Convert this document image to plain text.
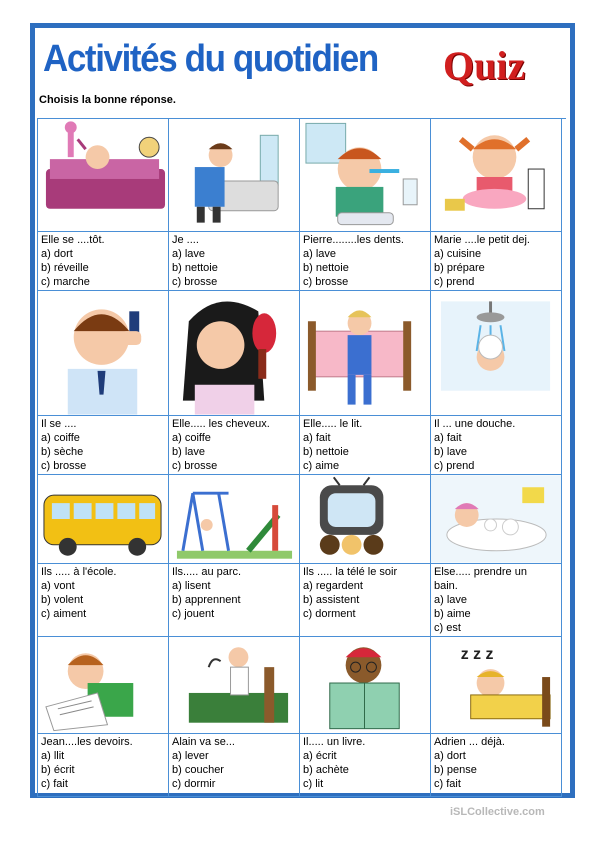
Activités du quotidien Quiz
Choisis la bonne réponse.
Elle se ....tôt.
a) dort
b) réveille
c) marche
Je ....
a) lave
b) nettoie
c) brosse
Pierre........les dents.
a) lave
b) nettoie
c) brosse
Marie ....le petit dej.
a) cuisine
b) prépare
c) prend
Il se ....
a) coiffe
b) sèche
c) brosse
Elle..... les cheveux.
a) coiffe
b) lave
c) brosse
Elle..... le lit.
a) fait
b) nettoie
c) aime
Il ... une douche.
a) fait
b) lave
c) prend
Ils ..... à l'école.
a) vont
b) volent
c) aiment
Ils..... au parc.
a) lisent
b) apprennent
c) jouent
Ils ..... la télé le soir
a) regardent
b) assistent
c) dorment
Else..... prendre un
bain.
a) lave
b) aime
c) est
Jean....les devoirs.
a) llit
b) écrit
c) fait
Alain va se...
a) lever
b) coucher
c) dormir
Il..... un livre.
a) écrit
b) achète
c) lit
z z z
Adrien ... déjà.
a) dort
b) pense
c) fait
iSLCollective.com
